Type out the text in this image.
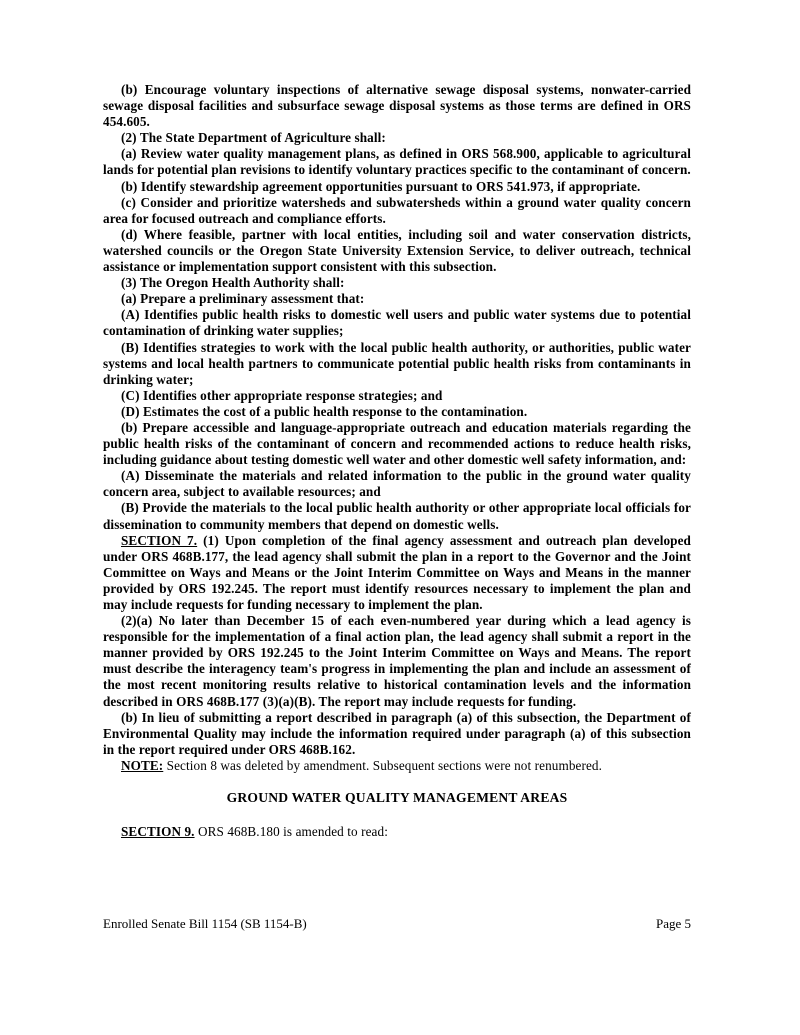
(b) Encourage voluntary inspections of alternative sewage disposal systems, nonwater-carried sewage disposal facilities and subsurface sewage disposal systems as those terms are defined in ORS 454.605.

(2) The State Department of Agriculture shall:

(a) Review water quality management plans, as defined in ORS 568.900, applicable to agricultural lands for potential plan revisions to identify voluntary practices specific to the contaminant of concern.

(b) Identify stewardship agreement opportunities pursuant to ORS 541.973, if appropriate.

(c) Consider and prioritize watersheds and subwatersheds within a ground water quality concern area for focused outreach and compliance efforts.

(d) Where feasible, partner with local entities, including soil and water conservation districts, watershed councils or the Oregon State University Extension Service, to deliver outreach, technical assistance or implementation support consistent with this subsection.

(3) The Oregon Health Authority shall:

(a) Prepare a preliminary assessment that:

(A) Identifies public health risks to domestic well users and public water systems due to potential contamination of drinking water supplies;

(B) Identifies strategies to work with the local public health authority, or authorities, public water systems and local health partners to communicate potential public health risks from contaminants in drinking water;

(C) Identifies other appropriate response strategies; and

(D) Estimates the cost of a public health response to the contamination.

(b) Prepare accessible and language-appropriate outreach and education materials regarding the public health risks of the contaminant of concern and recommended actions to reduce health risks, including guidance about testing domestic well water and other domestic well safety information, and:

(A) Disseminate the materials and related information to the public in the ground water quality concern area, subject to available resources; and

(B) Provide the materials to the local public health authority or other appropriate local officials for dissemination to community members that depend on domestic wells.

SECTION 7. (1) Upon completion of the final agency assessment and outreach plan developed under ORS 468B.177, the lead agency shall submit the plan in a report to the Governor and the Joint Committee on Ways and Means or the Joint Interim Committee on Ways and Means in the manner provided by ORS 192.245. The report must identify resources necessary to implement the plan and may include requests for funding necessary to implement the plan.

(2)(a) No later than December 15 of each even-numbered year during which a lead agency is responsible for the implementation of a final action plan, the lead agency shall submit a report in the manner provided by ORS 192.245 to the Joint Interim Committee on Ways and Means. The report must describe the interagency team's progress in implementing the plan and include an assessment of the most recent monitoring results relative to historical contamination levels and the information described in ORS 468B.177 (3)(a)(B). The report may include requests for funding.

(b) In lieu of submitting a report described in paragraph (a) of this subsection, the Department of Environmental Quality may include the information required under paragraph (a) of this subsection in the report required under ORS 468B.162.

NOTE: Section 8 was deleted by amendment. Subsequent sections were not renumbered.

GROUND WATER QUALITY MANAGEMENT AREAS

SECTION 9. ORS 468B.180 is amended to read:

Enrolled Senate Bill 1154 (SB 1154-B)	Page 5
